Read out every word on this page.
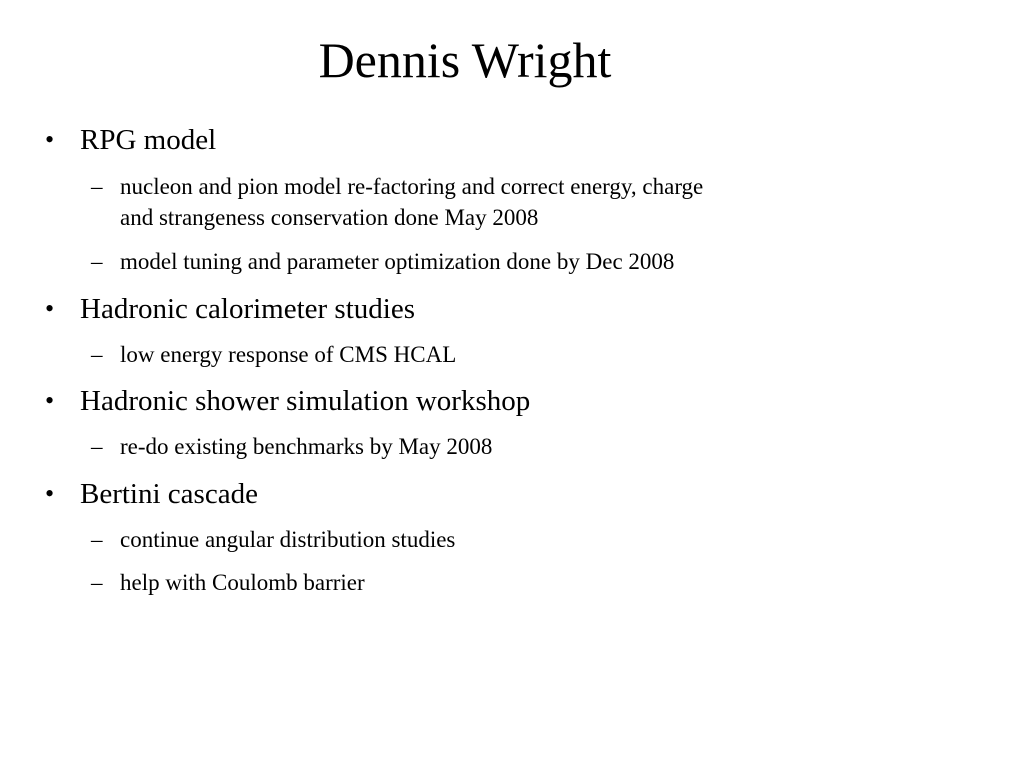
Dennis Wright
• RPG model
– nucleon and pion model re-factoring and correct energy, charge
and strangeness conservation done May 2008
– model tuning and parameter optimization done by Dec 2008
• Hadronic calorimeter studies
– low energy response of CMS HCAL
• Hadronic shower simulation workshop
– re-do existing benchmarks by May 2008
• Bertini cascade
– continue angular distribution studies
– help with Coulomb barrier
